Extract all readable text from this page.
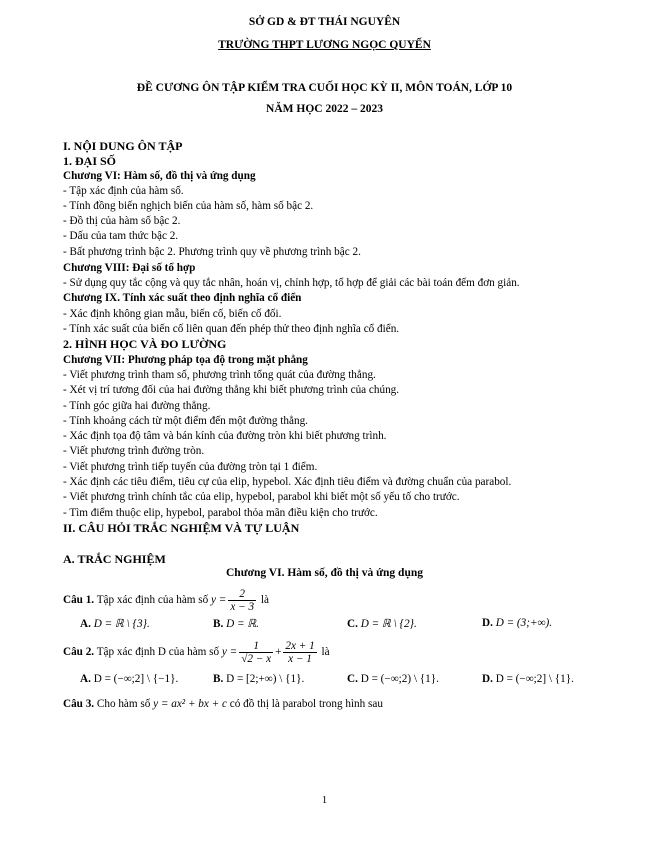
SỞ GD & ĐT THÁI NGUYÊN
TRƯỜNG THPT LƯƠNG NGỌC QUYẾN
ĐỀ CƯƠNG ÔN TẬP KIỂM TRA CUỐI HỌC KỲ II, MÔN TOÁN, LỚP 10
NĂM HỌC 2022 – 2023
I. NỘI DUNG ÔN TẬP
1. ĐẠI SỐ
Chương VI: Hàm số, đồ thị và ứng dụng
- Tập xác định của hàm số.
- Tính đồng biến nghịch biến của hàm số, hàm số bậc 2.
- Đồ thị của hàm số bậc 2.
- Dấu của tam thức bậc 2.
- Bất phương trình bậc 2. Phương trình quy về phương trình bậc 2.
Chương VIII: Đại số tổ hợp
- Sử dụng quy tắc cộng và quy tắc nhân, hoán vị, chỉnh hợp, tổ hợp để giải các bài toán đếm đơn giản.
Chương IX. Tính xác suất theo định nghĩa cổ điển
- Xác định không gian mẫu, biến cố, biến cố đối.
- Tính xác suất của biến cố liên quan đến phép thử theo định nghĩa cổ điển.
2. HÌNH HỌC VÀ ĐO LƯỜNG
Chương VII: Phương pháp tọa độ trong mặt phẳng
- Viết phương trình tham số, phương trình tổng quát của đường thẳng.
- Xét vị trí tương đối của hai đường thẳng khi biết phương trình của chúng.
- Tính góc giữa hai đường thẳng.
- Tính khoảng cách từ một điểm đến một đường thẳng.
- Xác định tọa độ tâm và bán kính của đường tròn khi biết phương trình.
- Viết phương trình đường tròn.
- Viết phương trình tiếp tuyến của đường tròn tại 1 điểm.
- Xác định các tiêu điểm, tiêu cự của elip, hypebol. Xác định tiêu điểm và đường chuẩn của parabol.
- Viết phương trình chính tắc của elip, hypebol, parabol khi biết một số yếu tố cho trước.
- Tìm điểm thuộc elip, hypebol, parabol thỏa mãn điều kiện cho trước.
II. CÂU HỎI TRẮC NGHIỆM VÀ TỰ LUẬN
A. TRẮC NGHIỆM
Chương VI. Hàm số, đồ thị và ứng dụng
Câu 1. Tập xác định của hàm số $y = \frac{2}{x - 3}$ là
A. D = ℝ \ {3}.	B. D = ℝ.	C. D = ℝ \ {2}.	D. D = (3;+∞).
Câu 2. Tập xác định D của hàm số $y = \frac{1}{√2 - x} + \frac{2x + 1}{x - 1}$ là
A. D = (−∞;2] \ {−1}.	B. D = [2;+∞) \ {1}.	C. D = (−∞;2) \ {1}.	D. D = (−∞;2] \ {1}.
Câu 3. Cho hàm số y = ax² + bx + c có đồ thị là parabol trong hình sau
1
